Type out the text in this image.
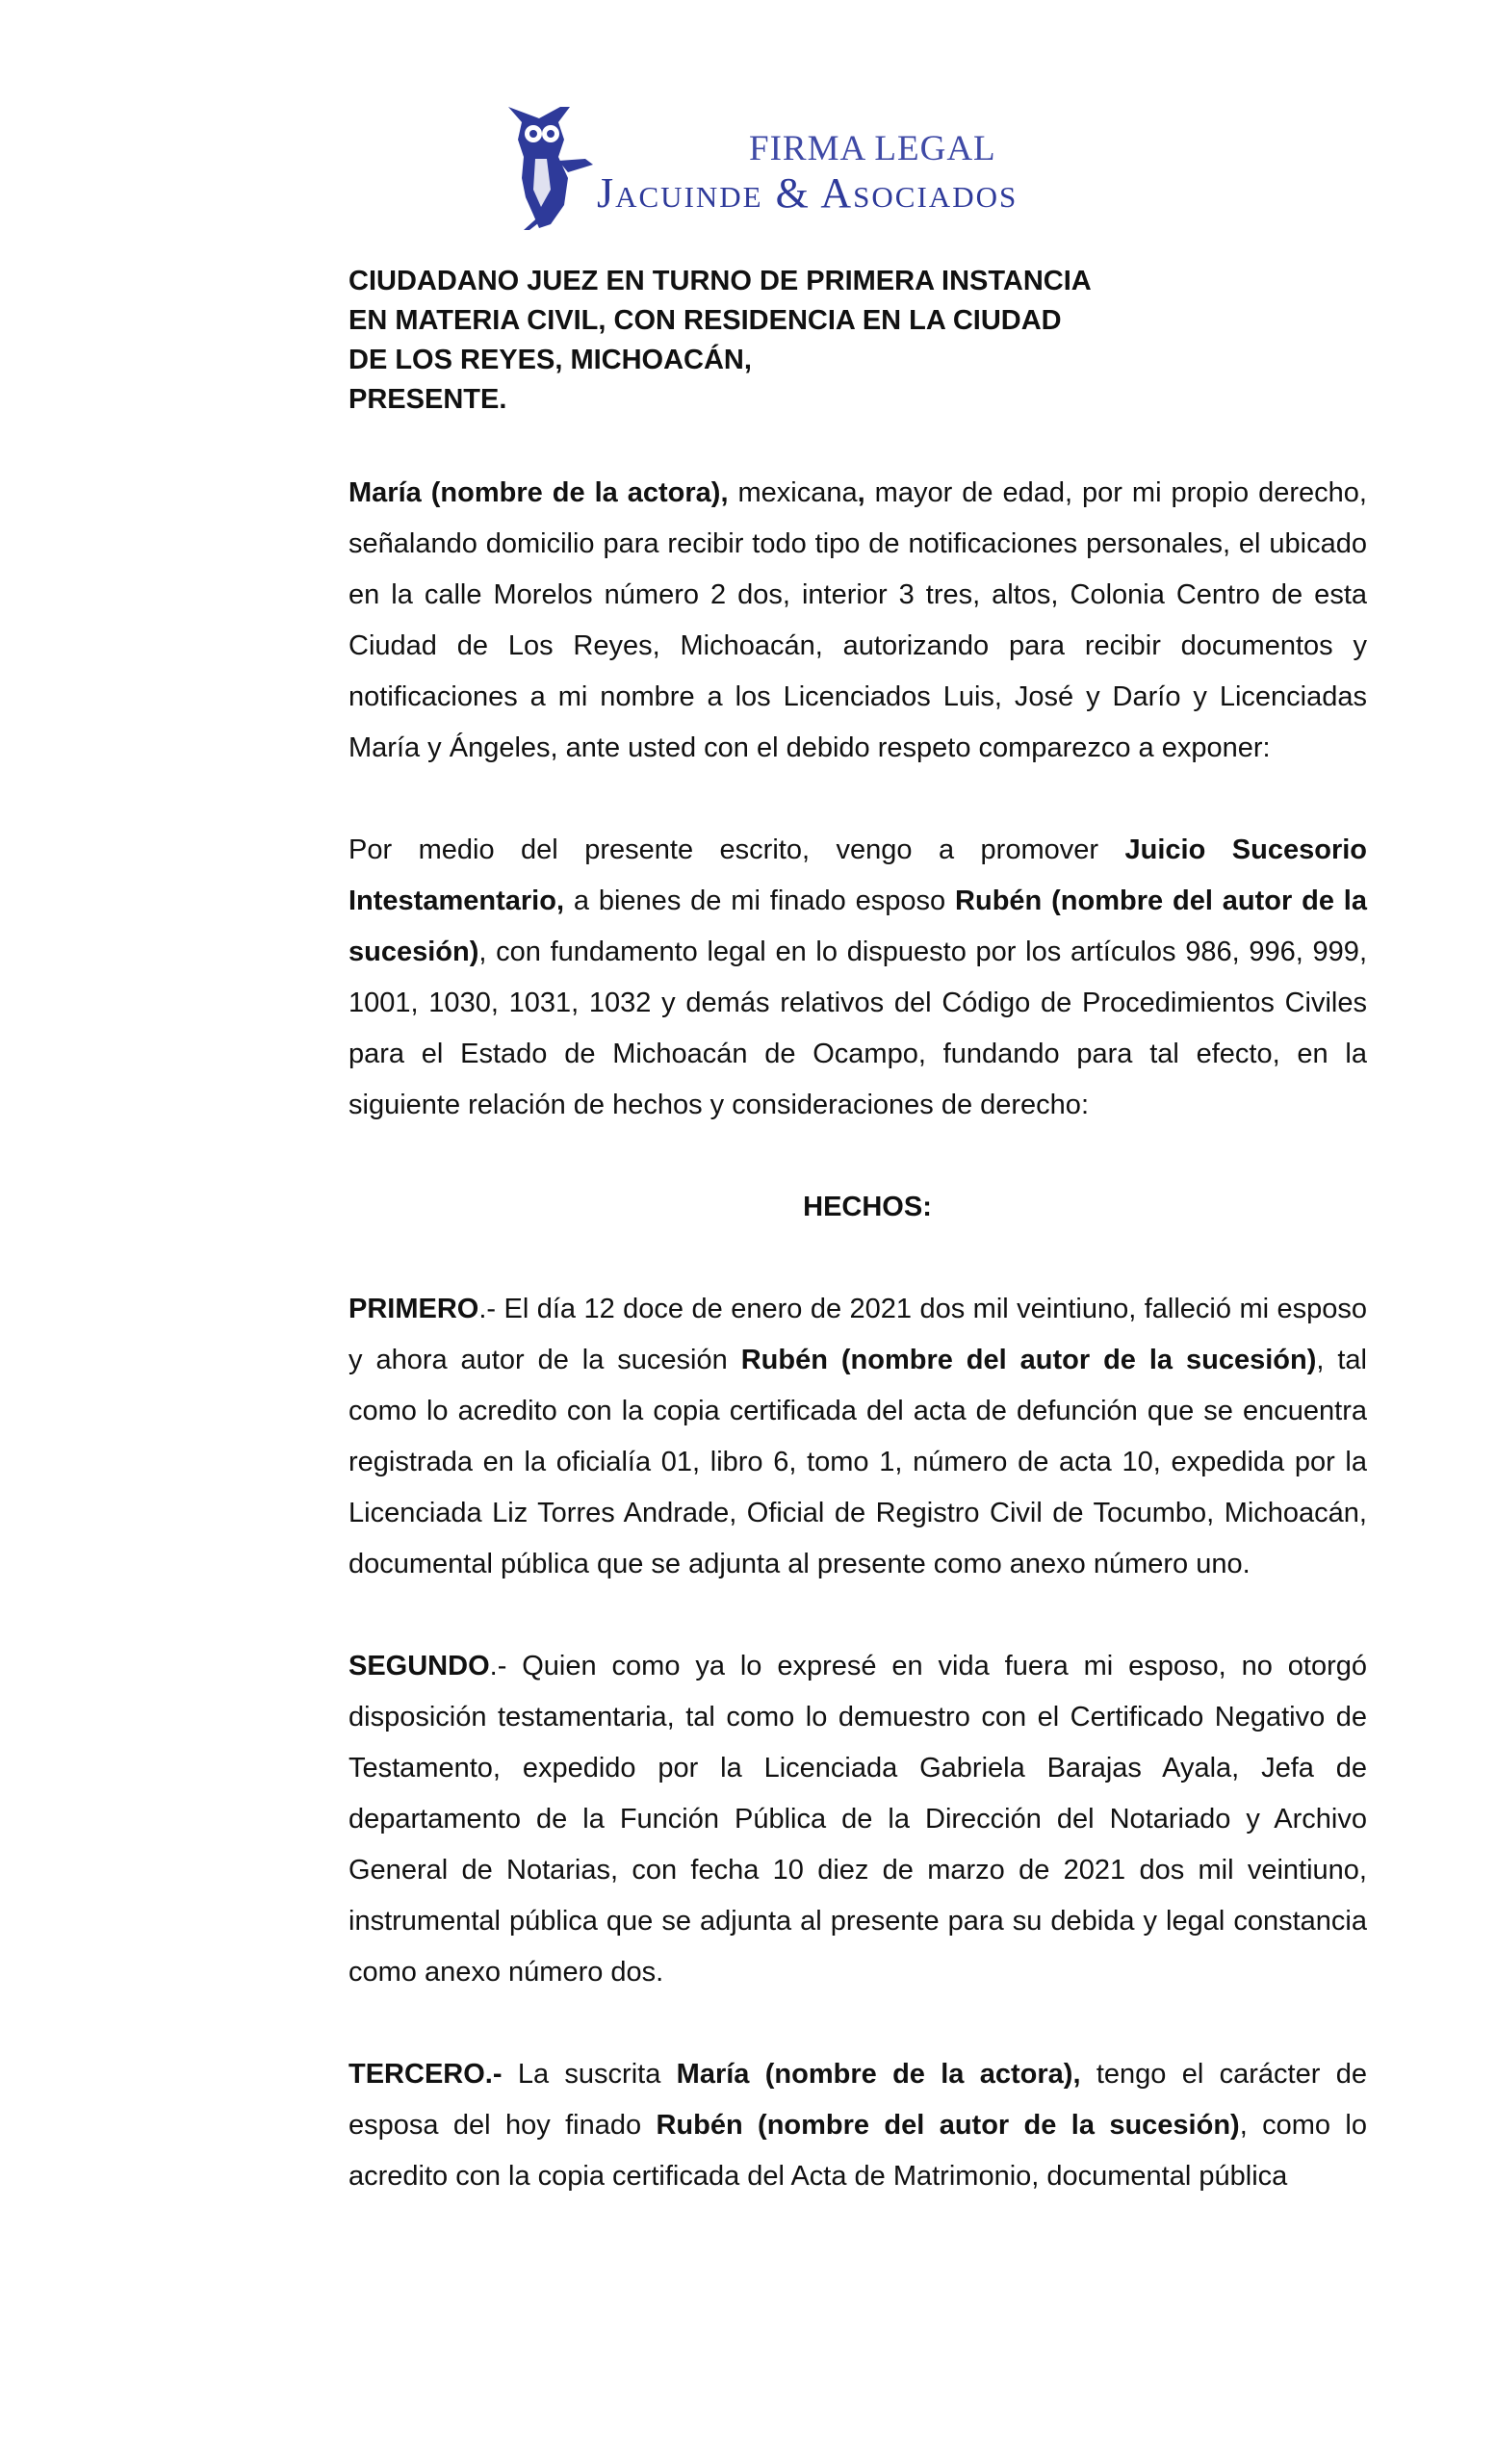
FIRMA LEGAL
Jacuinde & Asociados

CIUDADANO JUEZ EN TURNO DE PRIMERA INSTANCIA

EN MATERIA CIVIL, CON RESIDENCIA EN LA CIUDAD

DE LOS REYES, MICHOACÁN,

PRESENTE.

María (nombre de la actora), mexicana, mayor de edad, por mi propio derecho, señalando domicilio para recibir todo tipo de notificaciones personales, el ubicado en la calle Morelos número 2 dos, interior 3 tres, altos, Colonia Centro de esta Ciudad de Los Reyes, Michoacán, autorizando para recibir documentos y notificaciones a mi nombre a los Licenciados Luis, José y Darío y Licenciadas María y Ángeles, ante usted con el debido respeto comparezco a exponer:

Por medio del presente escrito, vengo a promover Juicio Sucesorio Intestamentario, a bienes de mi finado esposo Rubén (nombre del autor de la sucesión), con fundamento legal en lo dispuesto por los artículos 986, 996, 999, 1001, 1030, 1031, 1032 y demás relativos del Código de Procedimientos Civiles para el Estado de Michoacán de Ocampo, fundando para tal efecto, en la siguiente relación de hechos y consideraciones de derecho:

HECHOS:

PRIMERO.- El día 12 doce de enero de 2021 dos mil veintiuno, falleció mi esposo y ahora autor de la sucesión Rubén (nombre del autor de la sucesión), tal como lo acredito con la copia certificada del acta de defunción que se encuentra registrada en la oficialía 01, libro 6, tomo 1, número de acta 10, expedida por la Licenciada Liz Torres Andrade, Oficial de Registro Civil de Tocumbo, Michoacán, documental pública que se adjunta al presente como anexo número uno.

SEGUNDO.- Quien como ya lo expresé en vida fuera mi esposo, no otorgó disposición testamentaria, tal como lo demuestro con el Certificado Negativo de Testamento, expedido por la Licenciada Gabriela Barajas Ayala, Jefa de departamento de la Función Pública de la Dirección del Notariado y Archivo General de Notarias, con fecha 10 diez de marzo de 2021 dos mil veintiuno, instrumental pública que se adjunta al presente para su debida y legal constancia como anexo número dos.

TERCERO.- La suscrita María (nombre de la actora), tengo el carácter de esposa del hoy finado Rubén (nombre del autor de la sucesión), como lo acredito con la copia certificada del Acta de Matrimonio, documental pública
